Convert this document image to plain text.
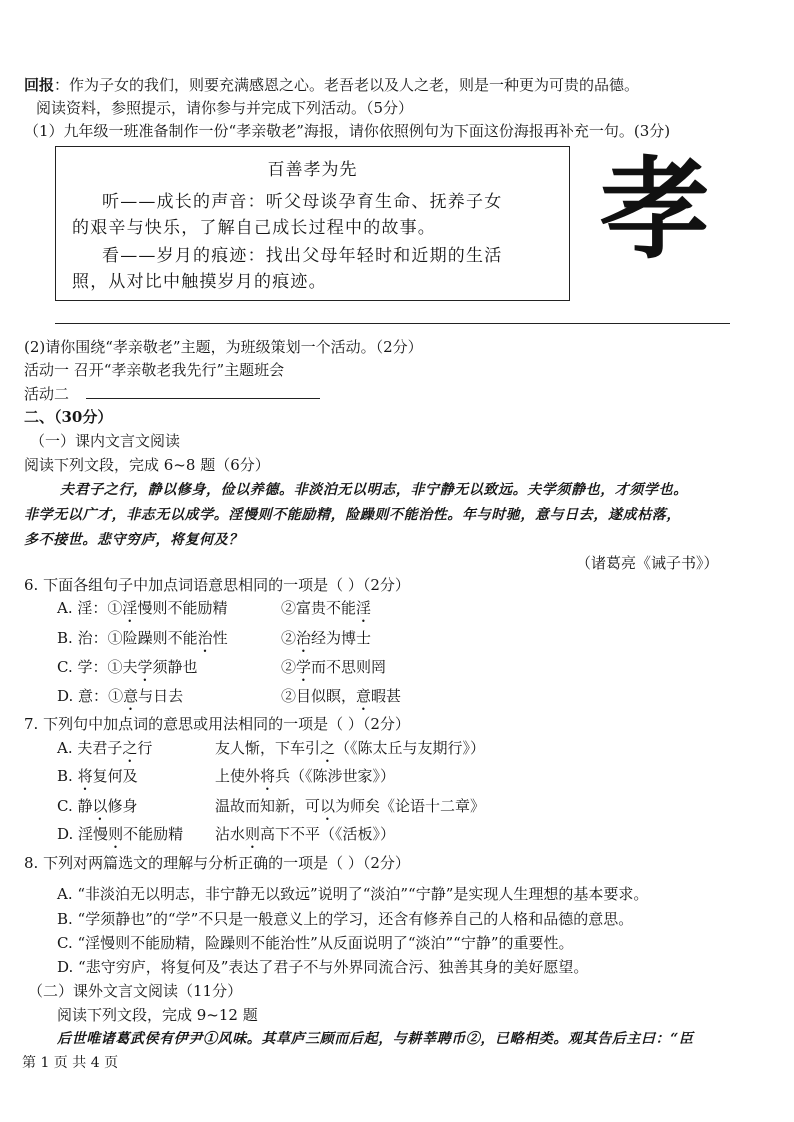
回报：作为子女的我们，则要充满感恩之心。老吾老以及人之老，则是一种更为可贵的品德。
阅读资料，参照提示，请你参与并完成下列活动。（5分）
（1）九年级一班准备制作一份“孝亲敬老”海报，请你依照例句为下面这份海报再补充一句。(3分)
百善孝为先
听——成长的声音：听父母谈孕育生命、抚养子女
的艰辛与快乐，了解自己成长过程中的故事。
看——岁月的痕迹：找出父母年轻时和近期的生活
照，从对比中触摸岁月的痕迹。
孝
(2)请你围绕“孝亲敬老”主题，为班级策划一个活动。（2分）
活动一 召开“孝亲敬老我先行”主题班会
活动二
二、（30分）
（一）课内文言文阅读
阅读下列文段，完成 6~8 题（6分）
夫君子之行，静以修身，俭以养德。非淡泊无以明志，非宁静无以致远。夫学须静也，才须学也。
非学无以广才，非志无以成学。淫慢则不能励精，险躁则不能治性。年与时驰，意与日去，遂成枯落，
多不接世。悲守穷庐，将复何及？
（诸葛亮《诫子书》）
6. 下面各组句子中加点词语意思相同的一项是（ ）（2分）
A. 淫：①淫慢则不能励精	②富贵不能淫
B. 治：①险躁则不能治性	②治经为博士
C. 学：①夫学须静也	②学而不思则罔
D. 意：①意与日去	②目似瞑，意暇甚
7. 下列句中加点词的意思或用法相同的一项是（ ）（2分）
A. 夫君子之行	友人惭，下车引之（《陈太丘与友期行》）
B. 将复何及	上使外将兵（《陈涉世家》）
C. 静以修身	温故而知新，可以为师矣《论语十二章》
D. 淫慢则不能励精 沾水则高下不平（《活板》）
8. 下列对两篇选文的理解与分析正确的一项是（ ）（2分）
A. “非淡泊无以明志，非宁静无以致远”说明了“淡泊”“宁静”是实现人生理想的基本要求。
B. “学须静也”的“学”不只是一般意义上的学习，还含有修养自己的人格和品德的意思。
C. “淫慢则不能励精，险躁则不能治性”从反面说明了“淡泊”“宁静”的重要性。
D. “悲守穷庐，将复何及”表达了君子不与外界同流合污、独善其身的美好愿望。
（二）课外文言文阅读（11分）
阅读下列文段，完成 9~12 题
后世唯诸葛武侯有伊尹①风味。其草庐三顾而后起，与耕莘聘币②，已略相类。观其告后主曰：“臣
第 1 页 共 4 页
